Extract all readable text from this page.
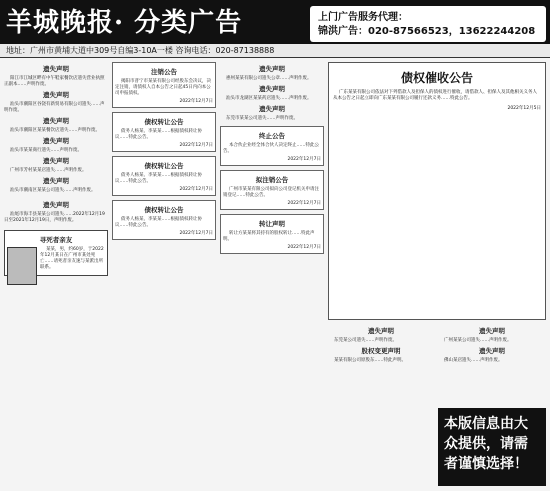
羊城晚报· 分类广告	上门广告服务代理：
锦洪广告：020-87566523，13622244208
地址：广州市黄埔大道中309号自编3-10A一楼 咨询电话：020-87138888
遗失声明

阳江市江城区畔有中午鞋家餐饮店遗失营业执照正副本……声明作废。

遗失声明

汕头市潮阳区谷饶有新贸易有限公司遗失……声明作废。

遗失声明

汕头市潮阳区某某餐饮店遗失……声明作废。

遗失声明

汕头市某某商行遗失……声明作废。

遗失声明

广州市芳村某某店遗失……声明作废。

遗失声明

汕头市潮南区某某公司遗失……声明作废。

遗失声明

汕尾市海丰县某某公司遗失……2022年12月19日至2021年12月19日，声明作废。

寻死者亲友

某某，男，约60岁，于2022年12月某日在广州市某处死亡……请死者亲友速与某派出所联系。

注销公告

揭阳市普宁市某某有限公司经股东会决议，决定注销，请债权人自本公告之日起45日内向本公司申报债权。

2022年12月7日
债权转让公告

债务人杨某、李某某……根据债权转让协议……特此公告。

2022年12月7日
债权转让公告

债务人杨某、李某某……根据债权转让协议……特此公告。

2022年12月7日
债权转让公告

债务人杨某、李某某……根据债权转让协议……特此公告。

2022年12月7日
遗失声明

惠州某某有限公司遗失公章……声明作废。

遗失声明

汕头市龙湖区某某药店遗失……声明作废。

遗失声明

东莞市某某公司遗失……声明作废。

终止公告

本合伙企业经全体合伙人决定终止……特此公告。

2022年12月7日
拟注销公告

广州市某某有限公司拟向公司登记机关申请注销登记……特此公告。

2022年12月7日
转让声明

转让方某某将其持有的股权转让……特此声明。

2022年12月7日
债权催收公告

广东某某有限公司依法对下列借款人及担保人的债权进行催收，请借款人、担保人及其他相关义务人从本公告之日起立即向广东某某有限公司履行还款义务……特此公告。

2022年12月5日
遗失声明

东莞某公司遗失……声明作废。

股权变更声明

某某有限公司原股东……特此声明。

遗失声明

广州某某公司遗失……声明作废。

遗失声明

佛山某店遗失……声明作废。

本版信息由大众提供，请需者谨慎选择！
